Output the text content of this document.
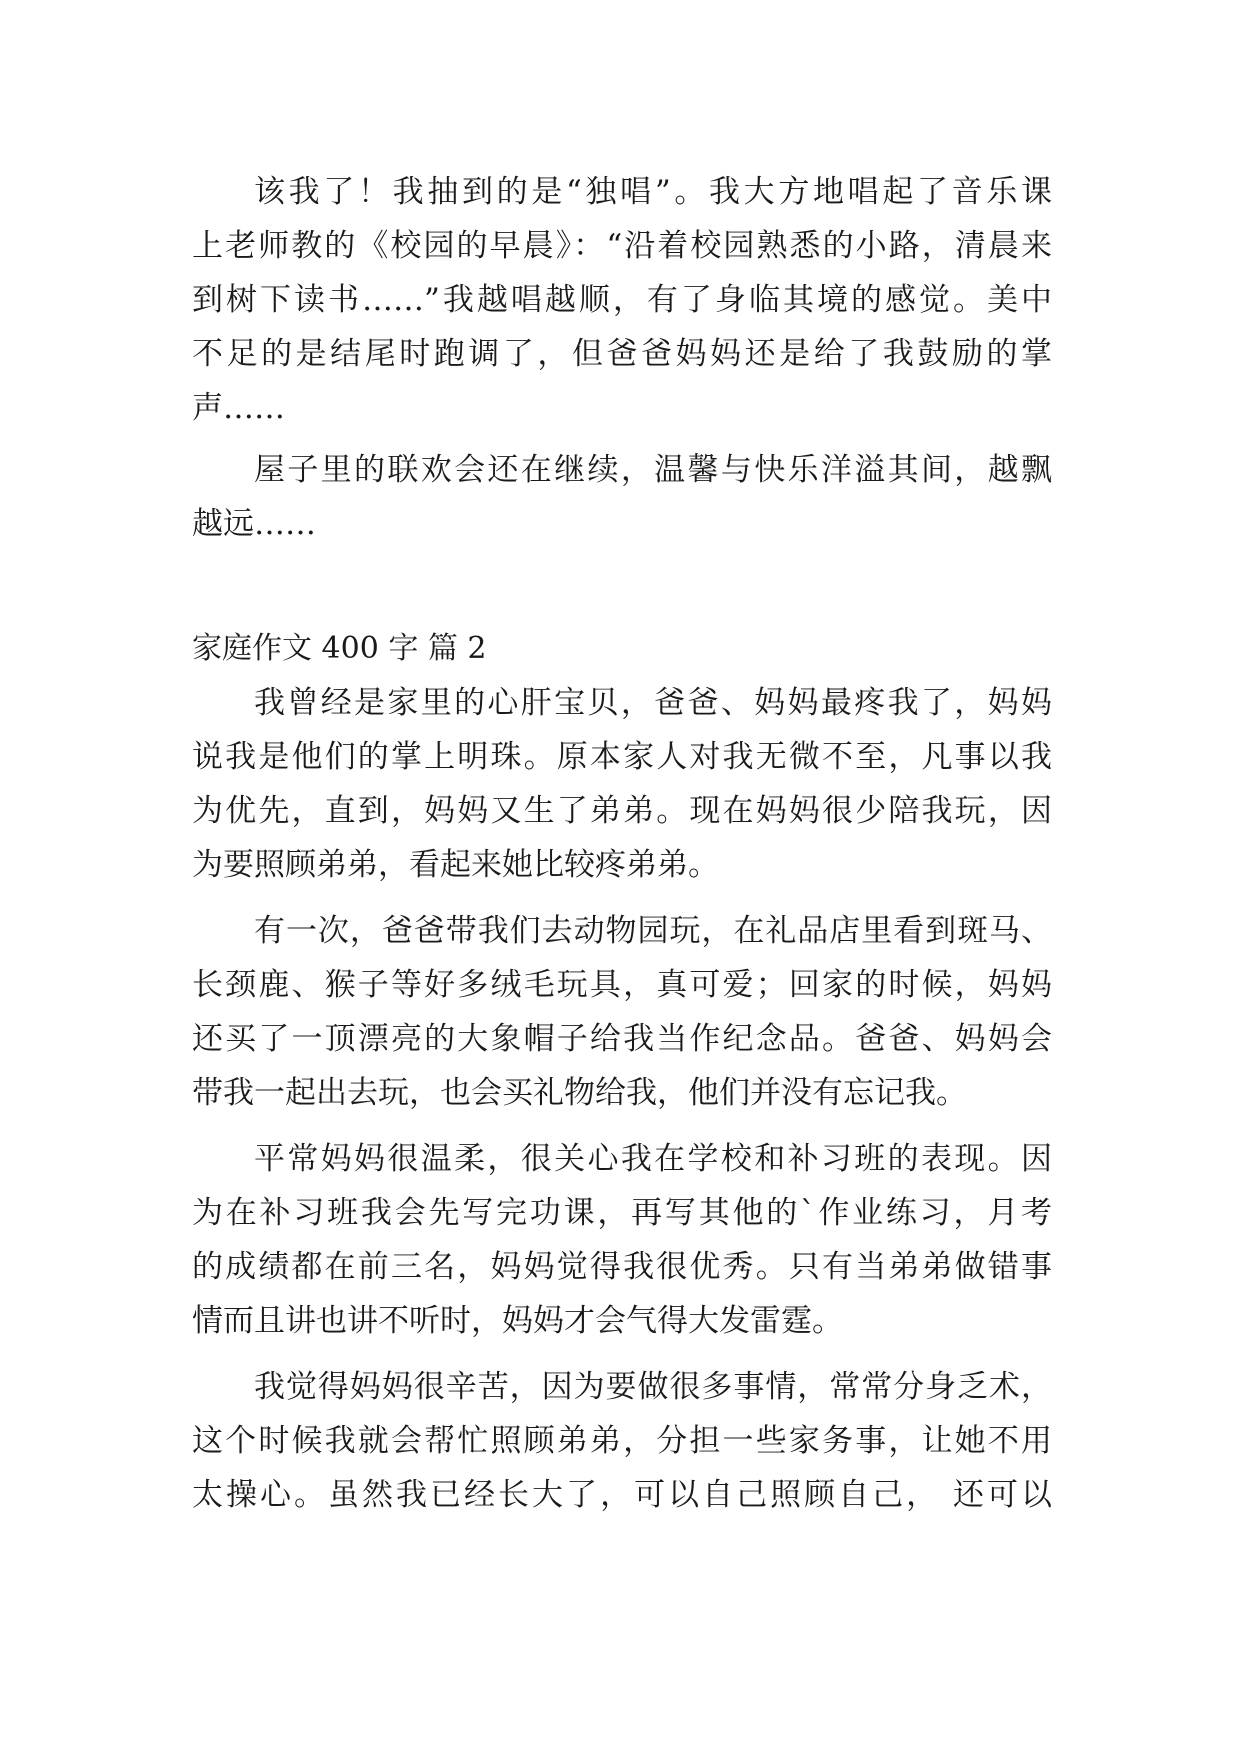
该我了！我抽到的是“独唱”。我大方地唱起了音乐课
上老师教的《校园的早晨》：“沿着校园熟悉的小路，清晨来
到树下读书……”我越唱越顺，有了身临其境的感觉。美中
不足的是结尾时跑调了，但爸爸妈妈还是给了我鼓励的掌
声……
屋子里的联欢会还在继续，温馨与快乐洋溢其间，越飘
越远……
家庭作文 400 字 篇 2
我曾经是家里的心肝宝贝，爸爸、妈妈最疼我了，妈妈
说我是他们的掌上明珠。原本家人对我无微不至，凡事以我
为优先，直到，妈妈又生了弟弟。现在妈妈很少陪我玩，因
为要照顾弟弟，看起来她比较疼弟弟。
有一次，爸爸带我们去动物园玩，在礼品店里看到斑马、
长颈鹿、猴子等好多绒毛玩具，真可爱；回家的时候，妈妈
还买了一顶漂亮的大象帽子给我当作纪念品。爸爸、妈妈会
带我一起出去玩，也会买礼物给我，他们并没有忘记我。
平常妈妈很温柔，很关心我在学校和补习班的表现。因
为在补习班我会先写完功课，再写其他的`作业练习，月考
的成绩都在前三名，妈妈觉得我很优秀。只有当弟弟做错事
情而且讲也讲不听时，妈妈才会气得大发雷霆。
我觉得妈妈很辛苦，因为要做很多事情，常常分身乏术，
这个时候我就会帮忙照顾弟弟，分担一些家务事，让她不用
太操心。虽然我已经长大了，可以自己照顾自己， 还可以
